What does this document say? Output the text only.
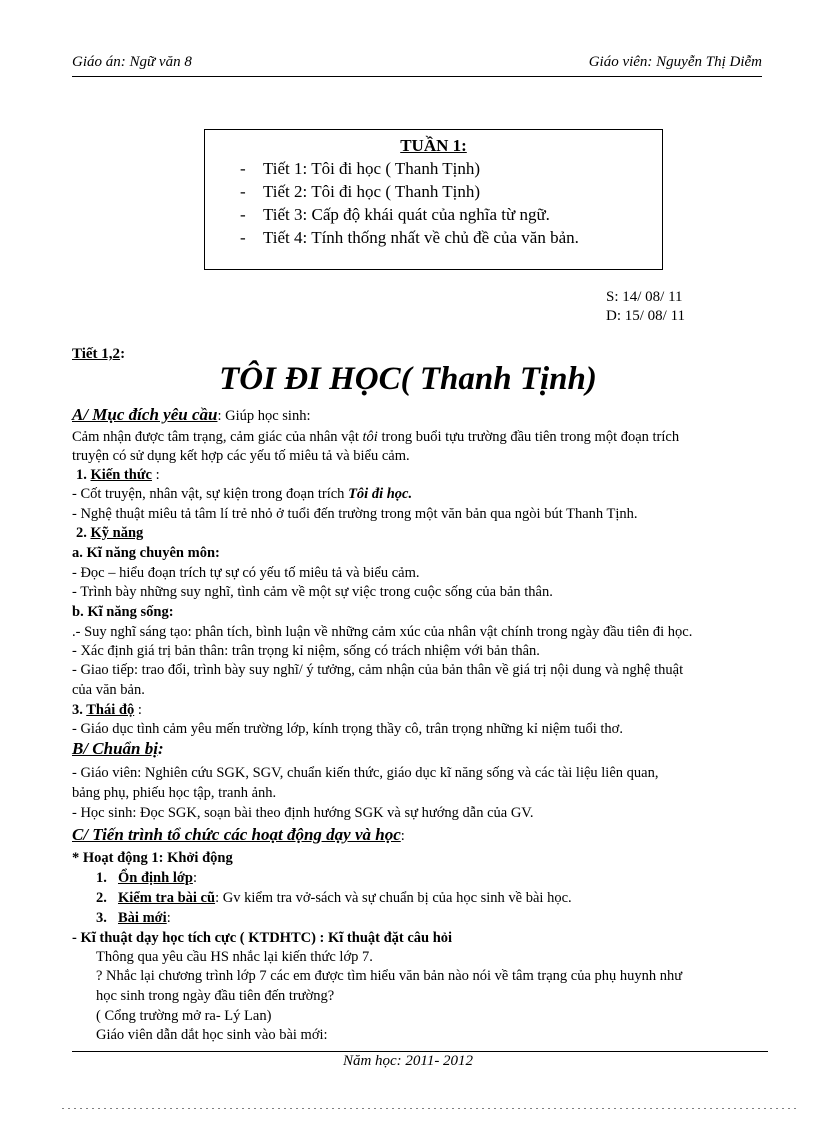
Giáo án: Ngữ văn 8	Giáo viên: Nguyễn Thị Diễm
TUẦN 1:
- Tiết 1: Tôi đi học ( Thanh Tịnh)
- Tiết 2: Tôi đi học ( Thanh Tịnh)
- Tiết 3: Cấp độ khái quát của nghĩa từ ngữ.
- Tiết 4: Tính thống nhất về chủ đề của văn bản.
S: 14/ 08/ 11
D: 15/ 08/ 11
Tiết 1,2:
TÔI ĐI HỌC( Thanh Tịnh)
A/ Mục đích yêu cầu: Giúp học sinh:
Cảm nhận được tâm trạng, cảm giác của nhân vật tôi trong buổi tựu trường đầu tiên trong một đoạn trích
truyện có sử dụng kết hợp các yếu tố miêu tả và biểu cảm.
1. Kiến thức :
- Cốt truyện, nhân vật, sự kiện trong đoạn trích Tôi đi học.
- Nghệ thuật miêu tả tâm lí trẻ nhỏ ở tuổi đến trường trong một văn bản qua ngòi bút Thanh Tịnh.
2. Kỹ năng
a. Kĩ năng chuyên môn:
- Đọc – hiểu đoạn trích tự sự có yếu tố miêu tả và biểu cảm.
- Trình bày những suy nghĩ, tình cảm về một sự việc trong cuộc sống của bản thân.
b. Kĩ năng sống:
.- Suy nghĩ sáng tạo: phân tích, bình luận về những cảm xúc của nhân vật chính trong ngày đầu tiên đi học.
- Xác định giá trị bản thân: trân trọng kỉ niệm, sống có trách nhiệm với bản thân.
- Giao tiếp: trao đổi, trình bày suy nghĩ/ ý tưởng, cảm nhận của bản thân về giá trị nội dung và nghệ thuật
của văn bản.
3. Thái độ :
- Giáo dục tình cảm yêu mến trường lớp, kính trọng thầy cô, trân trọng những kỉ niệm tuổi thơ.
B/ Chuẩn bị:
- Giáo viên: Nghiên cứu SGK, SGV, chuẩn kiến thức, giáo dục kĩ năng sống và các tài liệu liên quan,
bảng phụ, phiếu học tập, tranh ảnh.
- Học sinh: Đọc SGK, soạn bài theo định hướng SGK và sự hướng dẫn của GV.
C/ Tiến trình tổ chức các hoạt động dạy và học:
* Hoạt động 1: Khởi động
1. Ổn định lớp:
2. Kiểm tra bài cũ: Gv kiểm tra vở-sách và sự chuẩn bị của học sinh về bài học.
3. Bài mới:
- Kĩ thuật dạy học tích cực ( KTDHTC) : Kĩ thuật đặt câu hỏi
Thông qua yêu cầu HS nhắc lại kiến thức lớp 7.
? Nhắc lại chương trình lớp 7 các em được tìm hiểu văn bản nào nói về tâm trạng của phụ huynh như
học sinh trong ngày đầu tiên đến trường?
( Cổng trường mở ra- Lý Lan)
Giáo viên dẫn dắt học sinh vào bài mới:
Năm học: 2011- 2012
